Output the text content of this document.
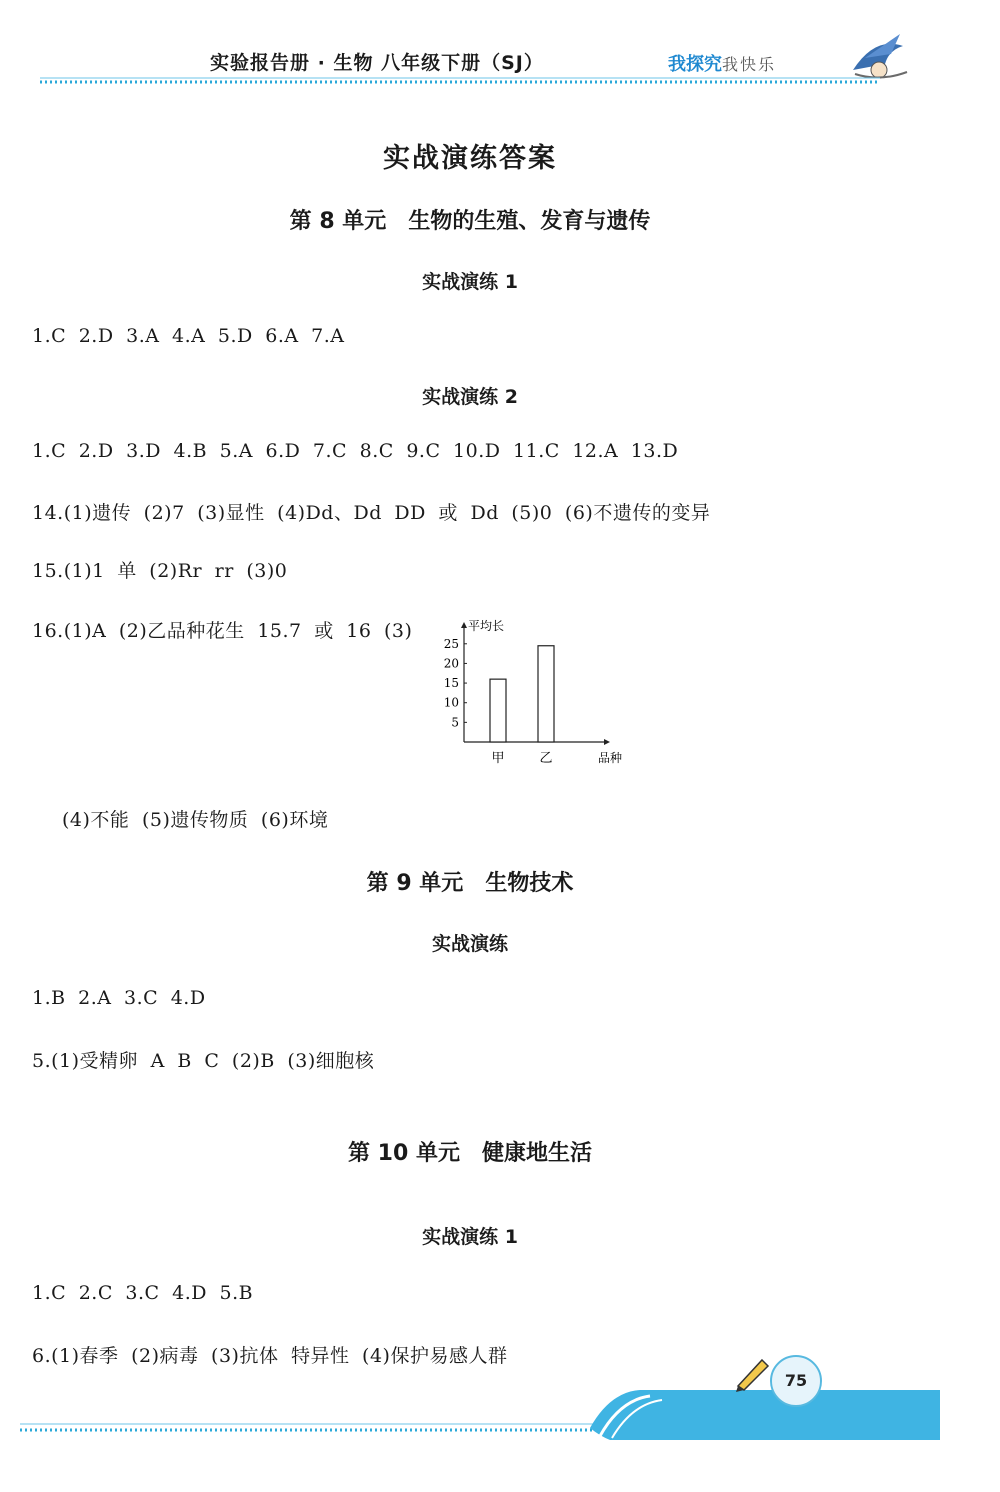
实验报告册 · 生物 八年级下册（SJ）	我探究我快乐
实战演练答案
第 8 单元 生物的生殖、发育与遗传
实战演练 1
1.C 2.D 3.A 4.A 5.D 6.A 7.A
实战演练 2
1.C 2.D 3.D 4.B 5.A 6.D 7.C 8.C 9.C 10.D 11.C 12.A 13.D
14.(1)遗传 (2)7 (3)显性 (4)Dd、Dd DD 或 Dd (5)0 (6)不遗传的变异
15.(1)1 单 (2)Rr rr (3)0
16.(1)A (2)乙品种花生 15.7 或 16 (3)
5
10
15
20
25
平均长
品种
甲	乙
(4)不能 (5)遗传物质 (6)环境
第 9 单元 生物技术
实战演练
1.B 2.A 3.C 4.D
5.(1)受精卵 A B C (2)B (3)细胞核
第 10 单元 健康地生活
实战演练 1
1.C 2.C 3.C 4.D 5.B
6.(1)春季 (2)病毒 (3)抗体 特异性 (4)保护易感人群
75
